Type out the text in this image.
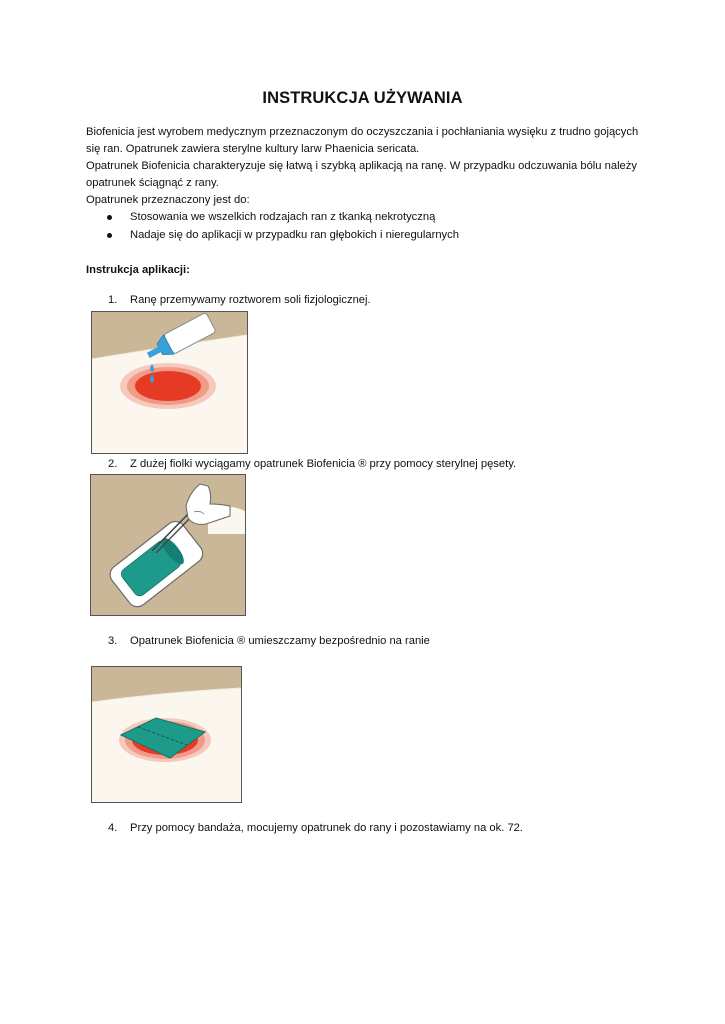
INSTRUKCJA UŻYWANIA
Biofenicia jest wyrobem medycznym przeznaczonym do oczyszczania i pochłaniania wysięku z trudno gojących
się ran. Opatrunek zawiera sterylne kultury larw Phaenicia sericata.
Opatrunek Biofenicia charakteryzuje się łatwą i szybką aplikacją na ranę. W przypadku odczuwania bólu należy
opatrunek ściągnąć z rany.
Opatrunek przeznaczony jest do:
Stosowania we wszelkich rodzajach ran z tkanką nekrotyczną
Nadaje się do aplikacji w przypadku ran głębokich i nieregularnych
Instrukcja aplikacji:
1. Ranę przemywamy roztworem soli fizjologicznej.
2. Z dużej fiolki wyciągamy opatrunek Biofenicia ® przy pomocy sterylnej pęsety.
3. Opatrunek Biofenicia ® umieszczamy bezpośrednio na ranie
4. Przy pomocy bandaża, mocujemy opatrunek do rany i pozostawiamy na ok. 72.
